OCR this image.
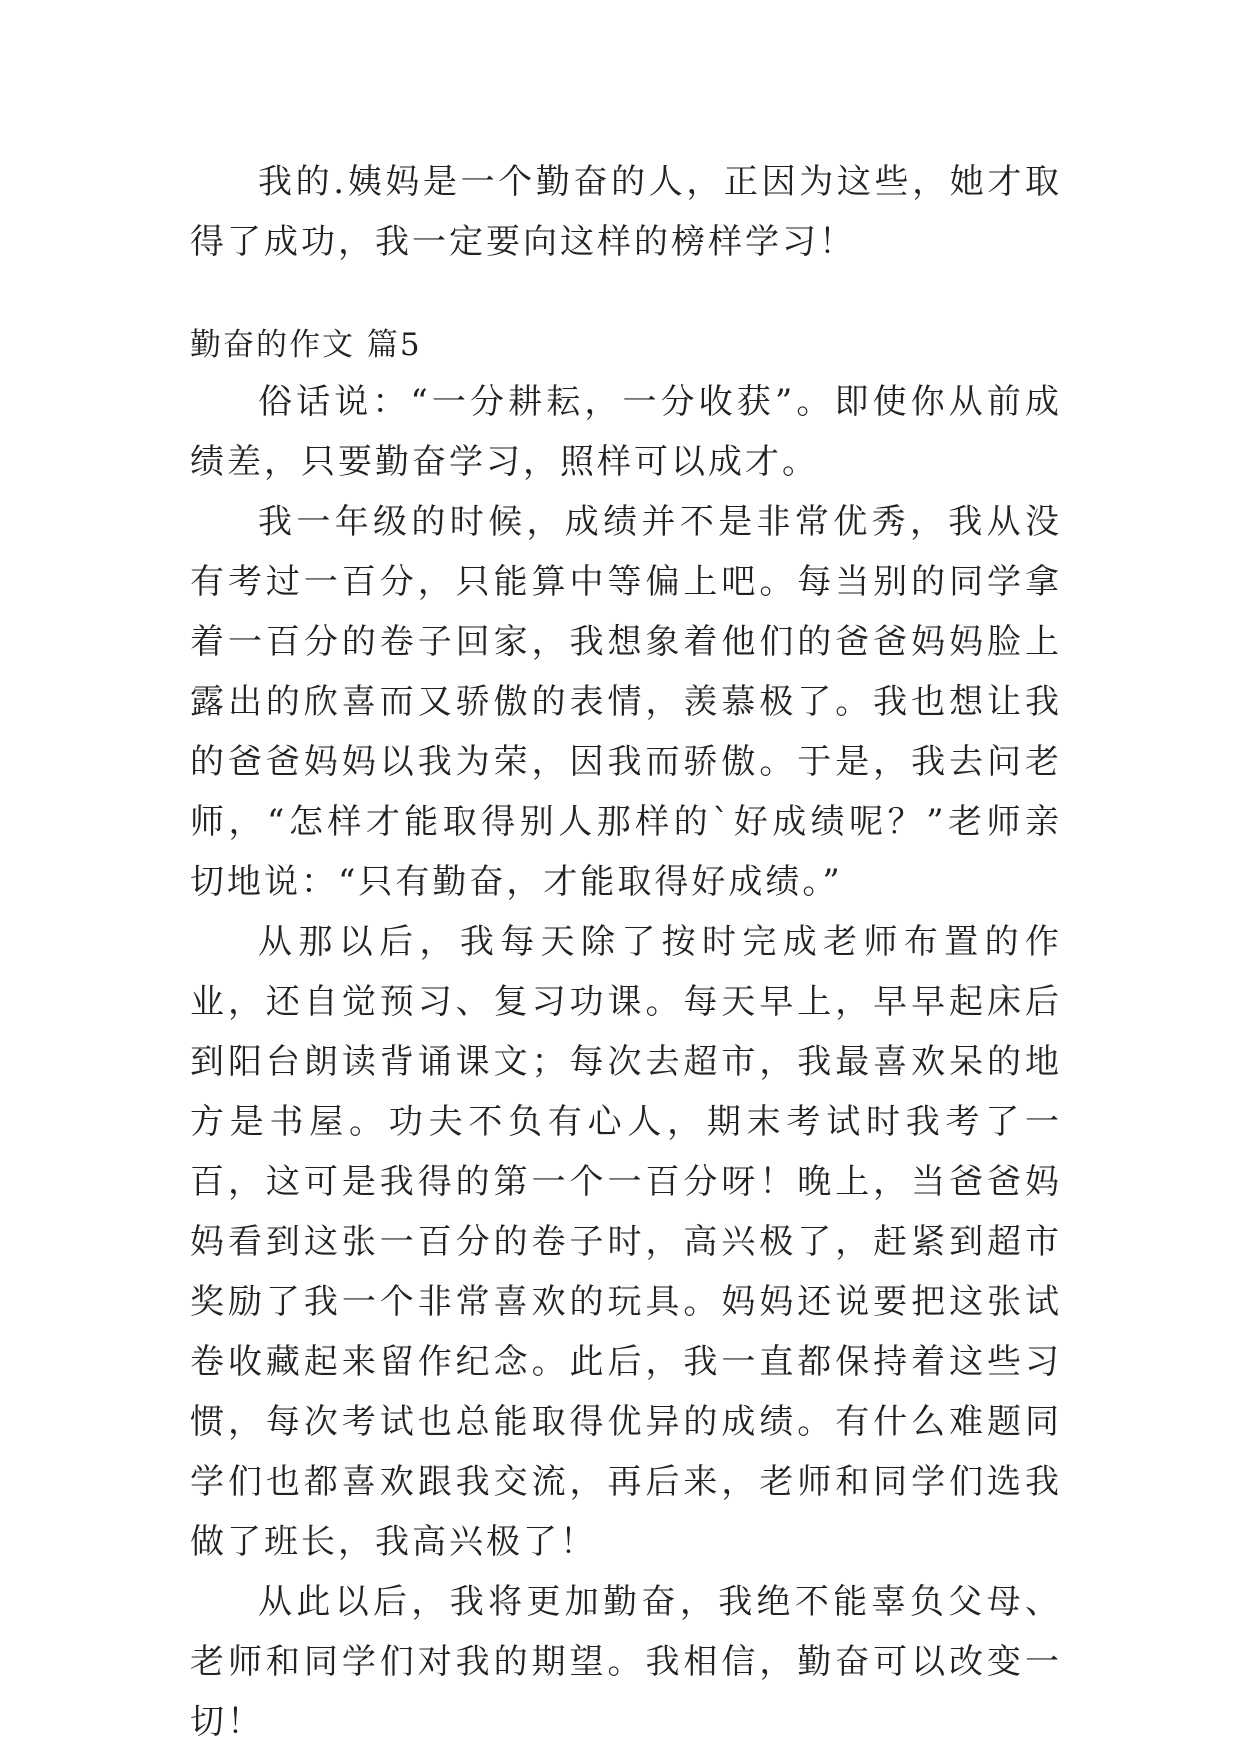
我的.姨妈是一个勤奋的人，正因为这些，她才取得了成功，我一定要向这样的榜样学习！

勤奋的作文 篇5

俗话说：“一分耕耘，一分收获”。即使你从前成绩差，只要勤奋学习，照样可以成才。

我一年级的时候，成绩并不是非常优秀，我从没有考过一百分，只能算中等偏上吧。每当别的同学拿着一百分的卷子回家，我想象着他们的爸爸妈妈脸上露出的欣喜而又骄傲的表情，羡慕极了。我也想让我的爸爸妈妈以我为荣，因我而骄傲。于是，我去问老师，“怎样才能取得别人那样的`好成绩呢？”老师亲切地说：“只有勤奋，才能取得好成绩。”

从那以后，我每天除了按时完成老师布置的作业，还自觉预习、复习功课。每天早上，早早起床后到阳台朗读背诵课文；每次去超市，我最喜欢呆的地方是书屋。功夫不负有心人，期末考试时我考了一百，这可是我得的第一个一百分呀！晚上，当爸爸妈妈看到这张一百分的卷子时，高兴极了，赶紧到超市奖励了我一个非常喜欢的玩具。妈妈还说要把这张试卷收藏起来留作纪念。此后，我一直都保持着这些习惯，每次考试也总能取得优异的成绩。有什么难题同学们也都喜欢跟我交流，再后来，老师和同学们选我做了班长，我高兴极了！

从此以后，我将更加勤奋，我绝不能辜负父母、老师和同学们对我的期望。我相信，勤奋可以改变一切！
